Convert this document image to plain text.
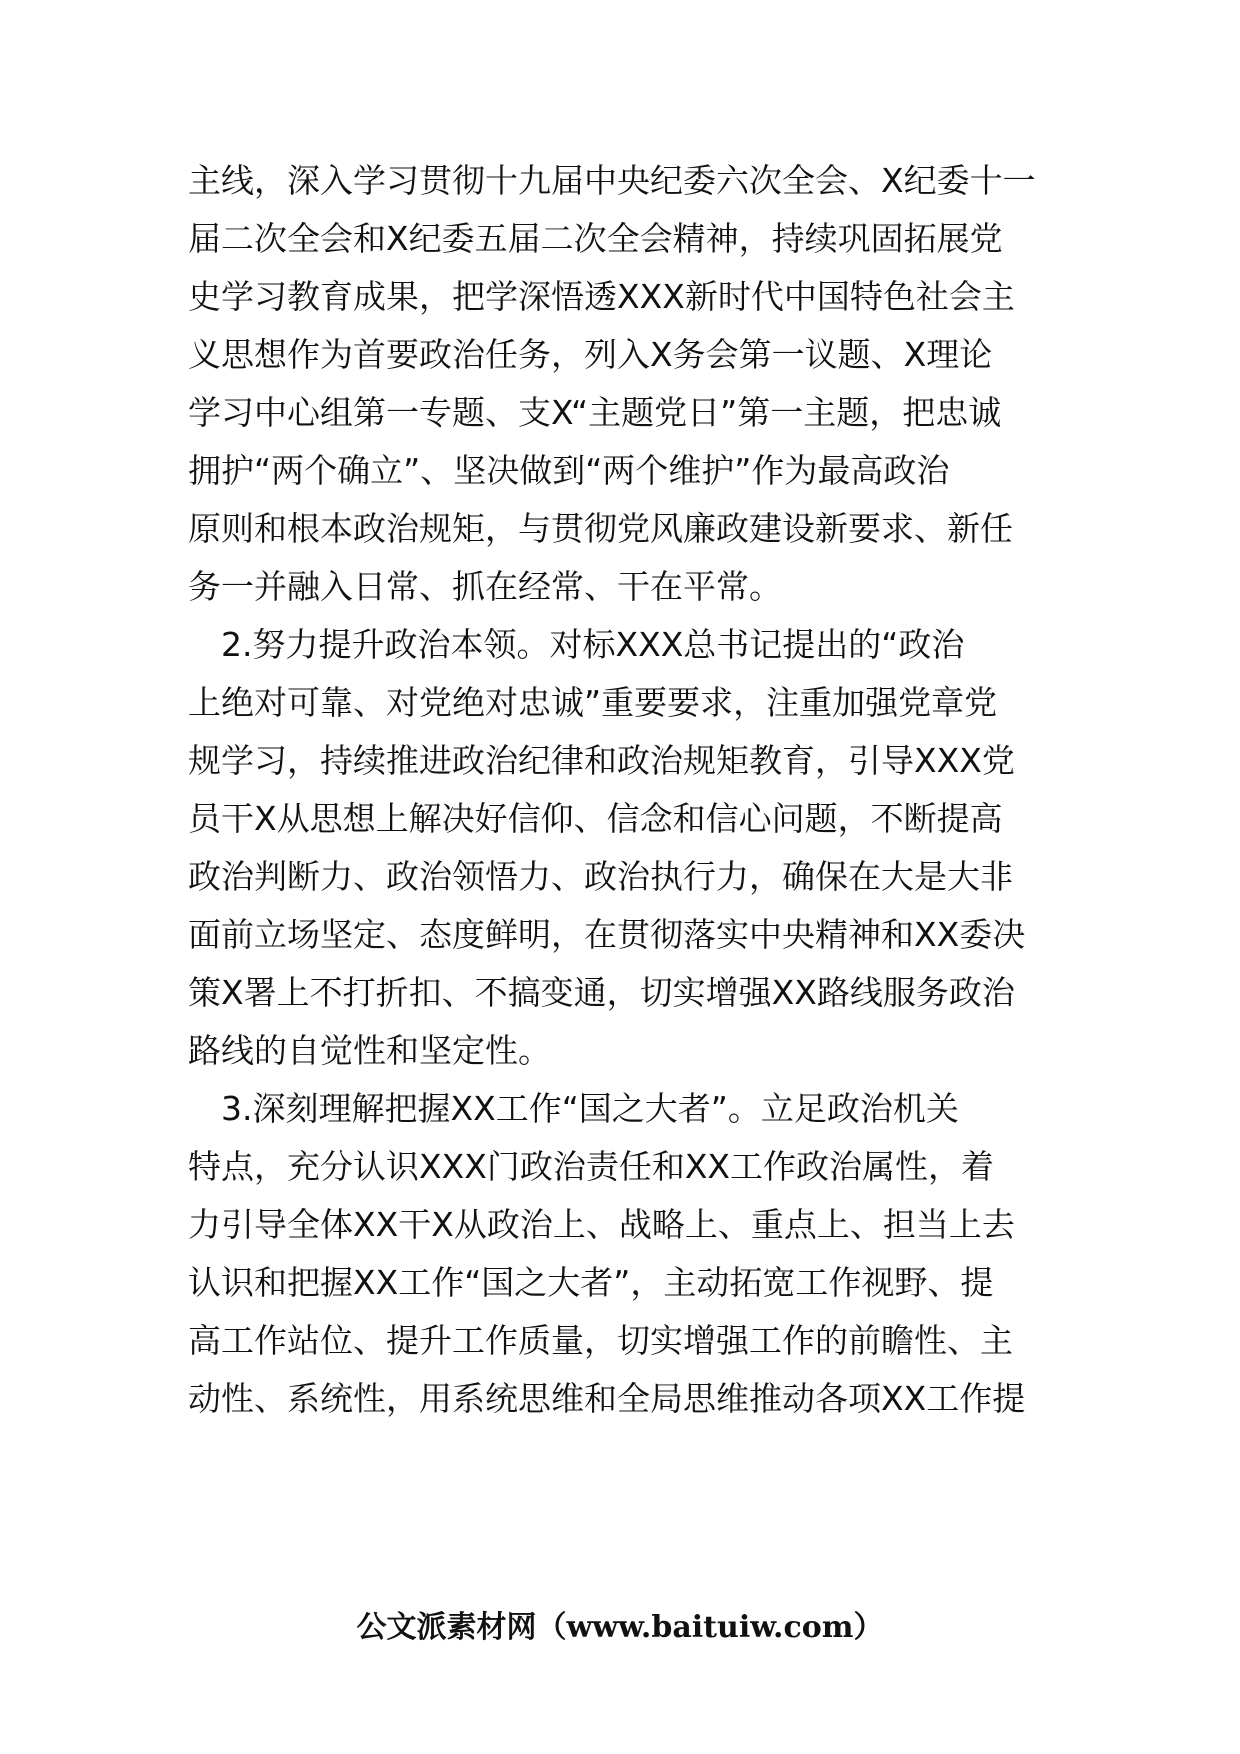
主线，深入学习贯彻十九届中央纪委六次全会、X纪委十一
届二次全会和X纪委五届二次全会精神，持续巩固拓展党
史学习教育成果，把学深悟透XXX新时代中国特色社会主
义思想作为首要政治任务，列入X务会第一议题、X理论
学习中心组第一专题、支X“主题党日”第一主题，把忠诚
拥护“两个确立”、坚决做到“两个维护”作为最高政治
原则和根本政治规矩，与贯彻党风廉政建设新要求、新任
务一并融入日常、抓在经常、干在平常。
　2.努力提升政治本领。对标XXX总书记提出的“政治
上绝对可靠、对党绝对忠诚”重要要求，注重加强党章党
规学习，持续推进政治纪律和政治规矩教育，引导XXX党
员干X从思想上解决好信仰、信念和信心问题，不断提高
政治判断力、政治领悟力、政治执行力，确保在大是大非
面前立场坚定、态度鲜明，在贯彻落实中央精神和XX委决
策X署上不打折扣、不搞变通，切实增强XX路线服务政治
路线的自觉性和坚定性。
　3.深刻理解把握XX工作“国之大者”。立足政治机关
特点，充分认识XXX门政治责任和XX工作政治属性，着
力引导全体XX干X从政治上、战略上、重点上、担当上去
认识和把握XX工作“国之大者”，主动拓宽工作视野、提
高工作站位、提升工作质量，切实增强工作的前瞻性、主
动性、系统性，用系统思维和全局思维推动各项XX工作提
公文派素材网（www.baituiw.com）
